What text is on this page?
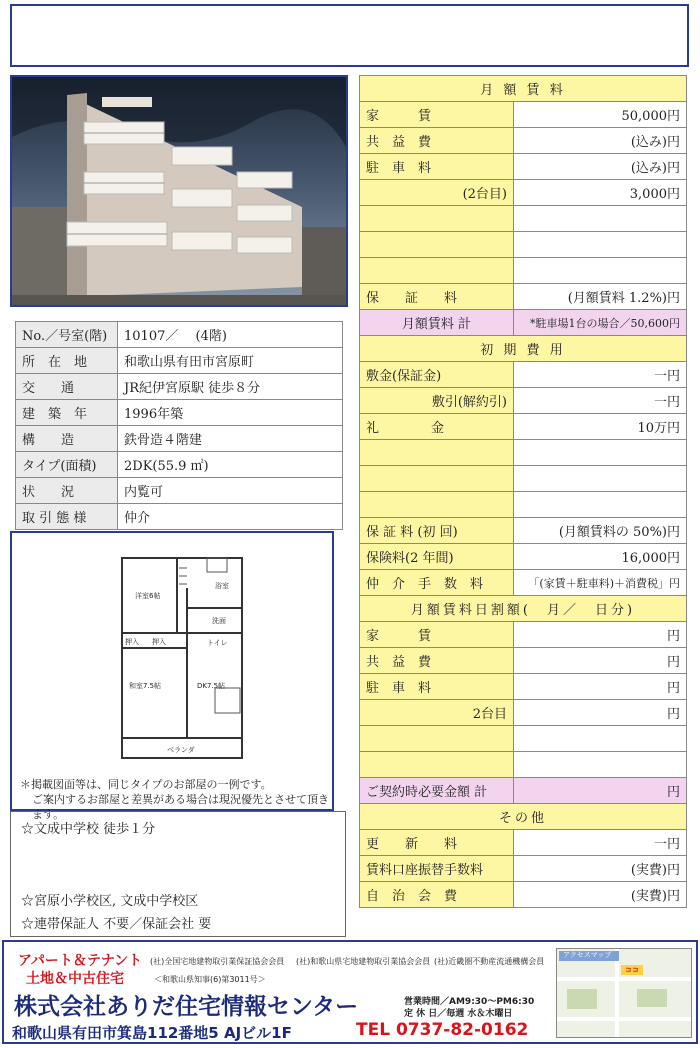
No.／号室(階)	10107／　 (4階)
所　在　地	和歌山県有田市宮原町
交　　通	JR紀伊宮原駅 徒歩８分
建　築　年	1996年築
構　　造	鉄骨造４階建
タイプ(面積)	2DK(55.9 ㎡)
状　　況	内覧可
取 引 態 様	仲介
月 額 賃 料	
家　　　賃	50,000円
共　益　費	(込み)円
駐　車　料	(込み)円
(2台目)	3,000円

保　　証　　料	(月額賃料 1.2%)円
月額賃料 計	*駐車場1台の場合／50,600円
初 期 費 用	
敷金(保証金)	一円
敷引(解約引)	一円
礼　　　　金	10万円

保 証 料 (初 回)	(月額賃料の 50%)円
保険料(2 年間)	16,000円
仲　介　手　数　料	「(家賃＋駐車料)＋消費税」円
月額賃料日割額(　月／　日分)	
家　　　賃	円
共　益　費	円
駐　車　料	円
2台目	円

ご契約時必要金額 計	円
その他	
更　　新　　料	一円
賃料口座振替手数料	(実費)円
自　治　会　費	(実費)円
洋室6帖
浴室
洗面
トイレ
押入 押入
和室7.5帖	DK7.5帖
ベランダ
＊掲載図面等は、同じタイプのお部屋の一例です。
ご案内するお部屋と差異がある場合は現況優先とさせて頂きます。
☆文成中学校 徒歩１分
☆宮原小学校区, 文成中学校区
☆連帯保証人 不要／保証会社 要
アパート＆テナント
土地＆中古住宅
(社)全国宅地建物取引業保証協会会員 (社)和歌山県宅地建物取引業協会会員 (社)近畿圏不動産流通機構会員
＜和歌山県知事(6)第3011号＞
株式会社ありだ住宅情報センター	営業時間／AM9:30〜PM6:30
定 休 日／毎週 水＆木曜日
和歌山県有田市箕島112番地5 AJビル1F	TEL 0737-82-0162
アクセスマップ
ココ
